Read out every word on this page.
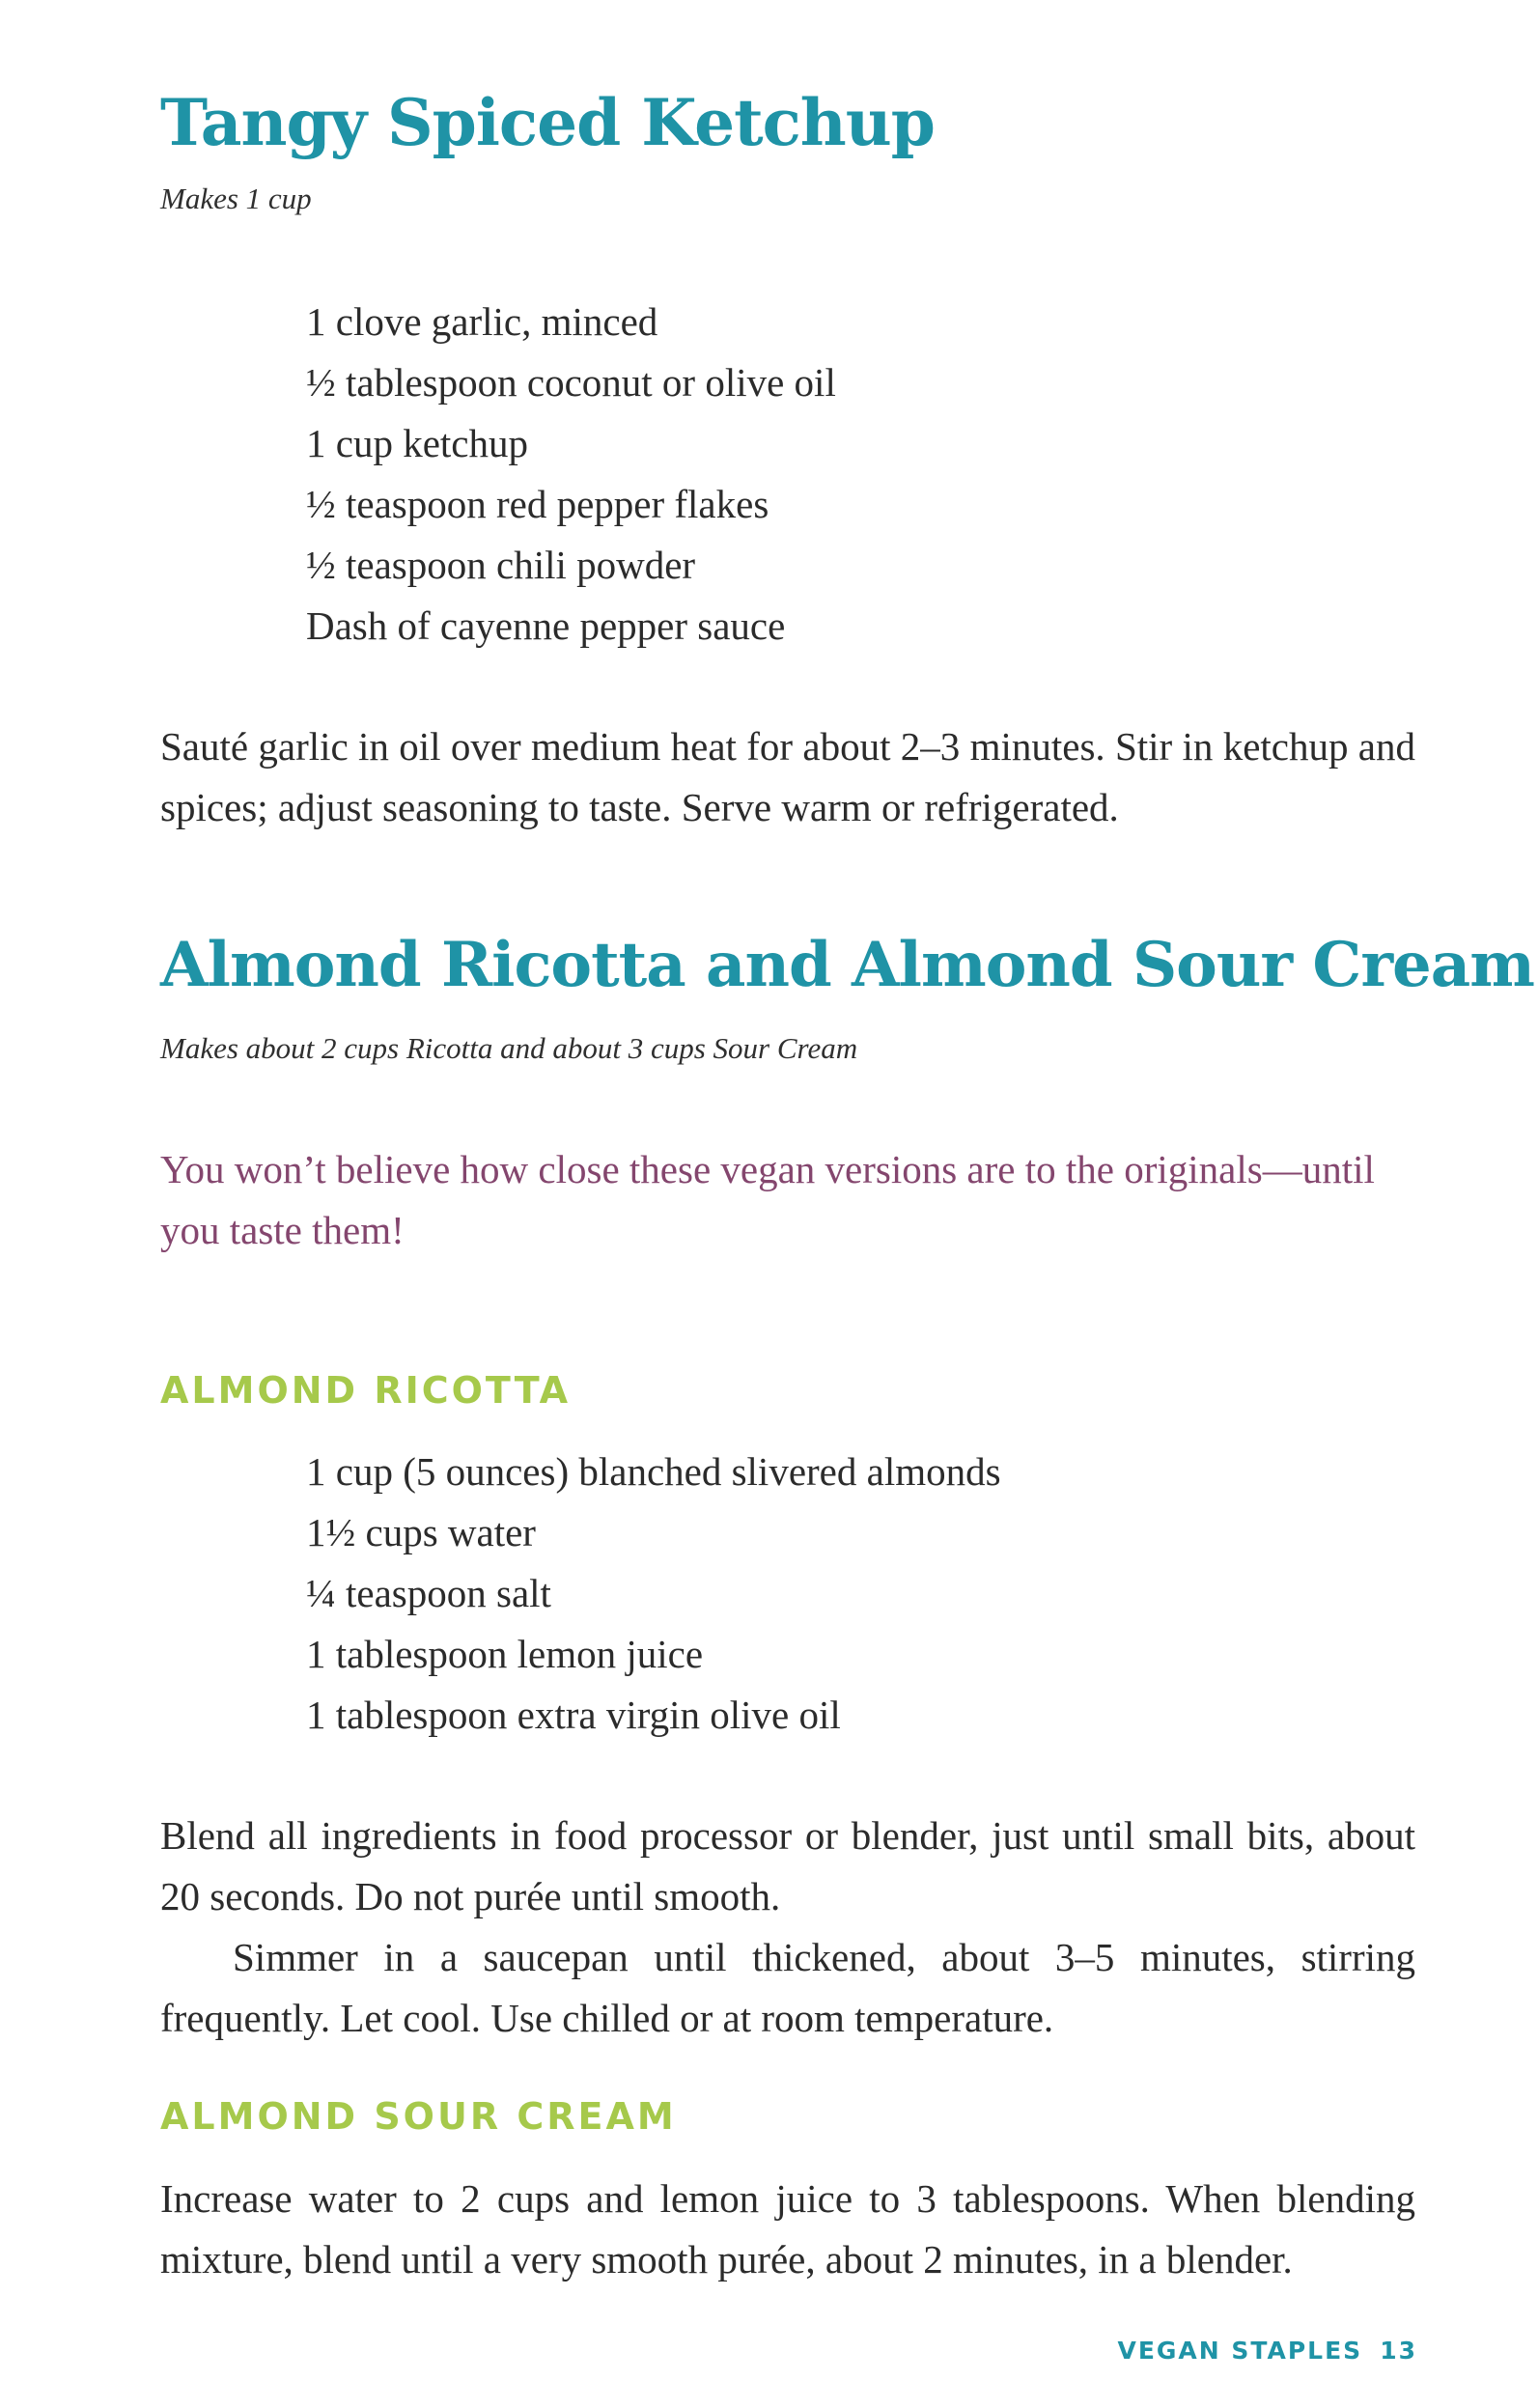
Tangy Spiced Ketchup

Makes 1 cup

1 clove garlic, minced
½ tablespoon coconut or olive oil
1 cup ketchup
½ teaspoon red pepper flakes
½ teaspoon chili powder
Dash of cayenne pepper sauce

Sauté garlic in oil over medium heat for about 2–3 minutes. Stir in ketchup and spices; adjust seasoning to taste. Serve warm or refrigerated.

Almond Ricotta and Almond Sour Cream

Makes about 2 cups Ricotta and about 3 cups Sour Cream

You won’t believe how close these vegan versions are to the originals—until you taste them!

ALMOND RICOTTA
1 cup (5 ounces) blanched slivered almonds
1½ cups water
¼ teaspoon salt
1 tablespoon lemon juice
1 tablespoon extra virgin olive oil

Blend all ingredients in food processor or blender, just until small bits, about 20 seconds. Do not purée until smooth.

Simmer in a saucepan until thickened, about 3–5 minutes, stirring frequently. Let cool. Use chilled or at room temperature.

ALMOND SOUR CREAM

Increase water to 2 cups and lemon juice to 3 tablespoons. When blending mixture, blend until a very smooth purée, about 2 minutes, in a blender.

VEGAN STAPLES 13
